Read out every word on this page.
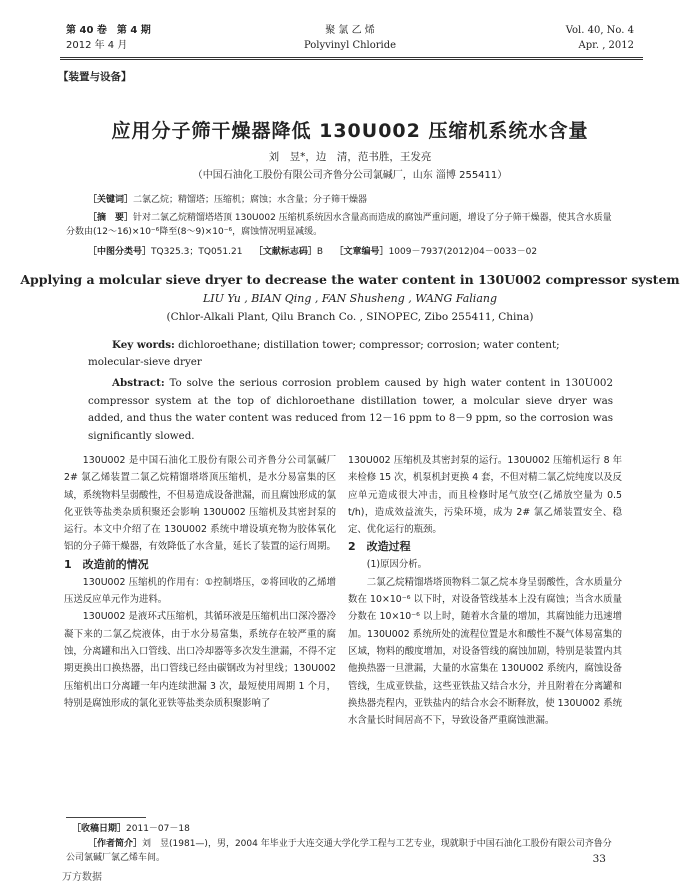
第 40 卷　第 4 期
2012 年 4 月
聚 氯 乙 烯
Polyvinyl Chloride
Vol. 40, No. 4
Apr. , 2012
【装置与设备】
应用分子筛干燥器降低 130U002 压缩机系统水含量
刘　昱*，边　清，范书胜，王发亮
（中国石油化工股份有限公司齐鲁分公司氯碱厂，山东 淄博 255411）
［关键词］二氯乙烷；精馏塔；压缩机；腐蚀；水含量；分子筛干燥器
［摘　要］针对二氯乙烷精馏塔塔顶 130U002 压缩机系统因水含量高而造成的腐蚀严重问题，增设了分子筛干燥器，使其含水质量分数由(12～16)×10⁻⁶降至(8～9)×10⁻⁶，腐蚀情况明显减缓。
［中图分类号］TQ325.3；TQ051.21 ［文献标志码］B ［文章编号］1009－7937(2012)04－0033－02
Applying a molcular sieve dryer to decrease the water content in 130U002 compressor system
LIU Yu , BIAN Qing , FAN Shusheng , WANG Faliang
(Chlor-Alkali Plant, Qilu Branch Co. , SINOPEC, Zibo 255411, China)
Key words: dichloroethane; distillation tower; compressor; corrosion; water content; molecular-sieve dryer
Abstract: To solve the serious corrosion problem caused by high water content in 130U002 compressor system at the top of dichloroethane distillation tower, a molcular sieve dryer was added, and thus the water content was reduced from 12－16 ppm to 8－9 ppm, so the corrosion was significantly slowed.

130U002 是中国石油化工股份有限公司齐鲁分公司氯碱厂 2# 氯乙烯装置二氯乙烷精馏塔塔顶压缩机，是水分易富集的区域，系统物料呈弱酸性，不但易造成设备泄漏，而且腐蚀形成的氯化亚铁等盐类杂质积聚还会影响 130U002 压缩机及其密封泵的运行。本文中介绍了在 130U002 系统中增设填充物为胶体氧化铝的分子筛干燥器，有效降低了水含量，延长了装置的运行周期。

1　改造前的情况

130U002 压缩机的作用有：①控制塔压，②将回收的乙烯增压送反应单元作为进料。

130U002 是液环式压缩机，其循环液是压缩机出口深冷器冷凝下来的二氯乙烷液体，由于水分易富集，系统存在较严重的腐蚀，分离罐和出入口管线、出口冷却器等多次发生泄漏，不得不定期更换出口换热器，出口管线已经由碳钢改为衬里线；130U002 压缩机出口分离罐一年内连续泄漏 3 次，最短使用周期 1 个月，特别是腐蚀形成的氯化亚铁等盐类杂质积聚影响了

130U002 压缩机及其密封泵的运行。130U002 压缩机运行 8 年来检修 15 次，机泵机封更换 4 套，不但对精二氯乙烷纯度以及反应单元造成很大冲击，而且检修时尾气放空(乙烯放空量为 0.5 t/h)，造成效益流失，污染环境，成为 2# 氯乙烯装置安全、稳定、优化运行的瓶颈。

2　改造过程

(1)原因分析。

二氯乙烷精馏塔塔顶物料二氯乙烷本身呈弱酸性，含水质量分数在 10×10⁻⁶ 以下时，对设备管线基本上没有腐蚀；当含水质量分数在 10×10⁻⁶ 以上时，随着水含量的增加，其腐蚀能力迅速增加。130U002 系统所处的流程位置是水和酸性不凝气体易富集的区域，物料的酸度增加，对设备管线的腐蚀加剧，特别是装置内其他换热器一旦泄漏，大量的水富集在 130U002 系统内，腐蚀设备管线，生成亚铁盐，这些亚铁盐又结合水分，并且附着在分离罐和换热器壳程内，亚铁盐内的结合水会不断释放，使 130U002 系统水含量长时间居高不下，导致设备严重腐蚀泄漏。

［收稿日期］2011－07－18
［作者简介］刘　昱(1981—)，男，2004 年毕业于大连交通大学化学工程与工艺专业，现就职于中国石油化工股份有限公司齐鲁分公司氯碱厂氯乙烯车间。	33
万方数据
